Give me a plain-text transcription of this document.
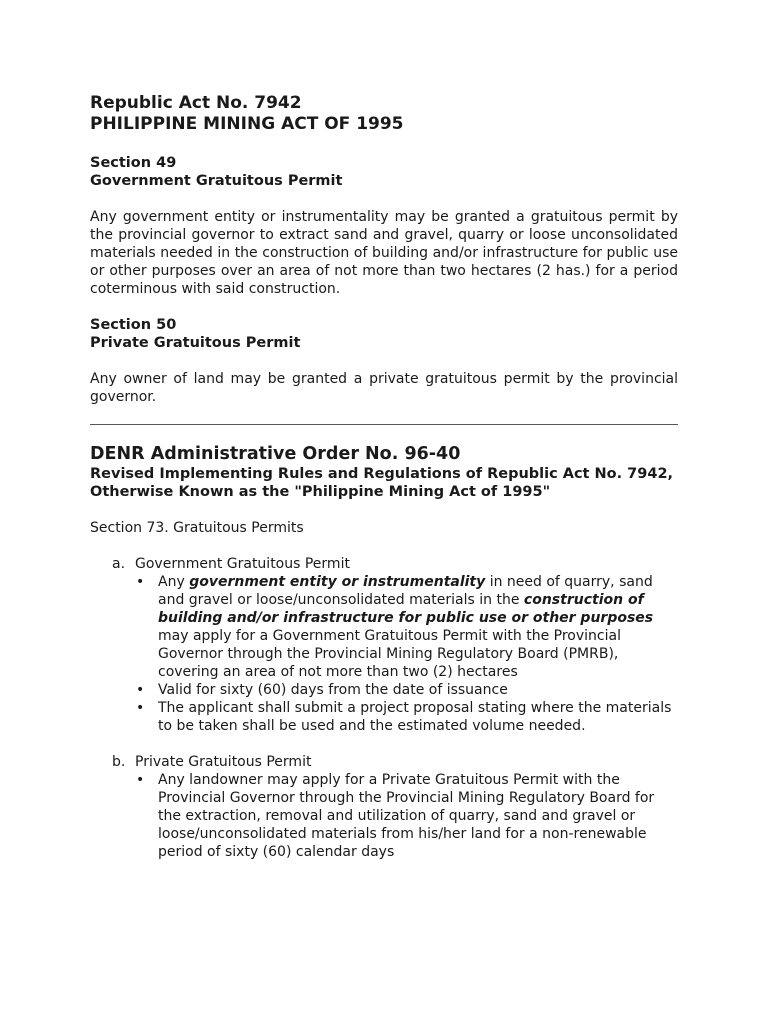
Republic Act No. 7942

PHILIPPINE MINING ACT OF 1995

Section 49

Government Gratuitous Permit

Any government entity or instrumentality may be granted a gratuitous permit by the provincial governor to extract sand and gravel, quarry or loose unconsolidated materials needed in the construction of building and/or infrastructure for public use or other purposes over an area of not more than two hectares (2 has.) for a period coterminous with said construction.

Section 50

Private Gratuitous Permit

Any owner of land may be granted a private gratuitous permit by the provincial governor.

DENR Administrative Order No. 96-40

Revised Implementing Rules and Regulations of Republic Act No. 7942, Otherwise Known as the "Philippine Mining Act of 1995"

Section 73. Gratuitous Permits

a. Government Gratuitous Permit
• Any government entity or instrumentality in need of quarry, sand and gravel or loose/unconsolidated materials in the construction of building and/or infrastructure for public use or other purposes may apply for a Government Gratuitous Permit with the Provincial Governor through the Provincial Mining Regulatory Board (PMRB), covering an area of not more than two (2) hectares
• Valid for sixty (60) days from the date of issuance
• The applicant shall submit a project proposal stating where the materials to be taken shall be used and the estimated volume needed.
b. Private Gratuitous Permit
• Any landowner may apply for a Private Gratuitous Permit with the Provincial Governor through the Provincial Mining Regulatory Board for the extraction, removal and utilization of quarry, sand and gravel or loose/unconsolidated materials from his/her land for a non-renewable period of sixty (60) calendar days
